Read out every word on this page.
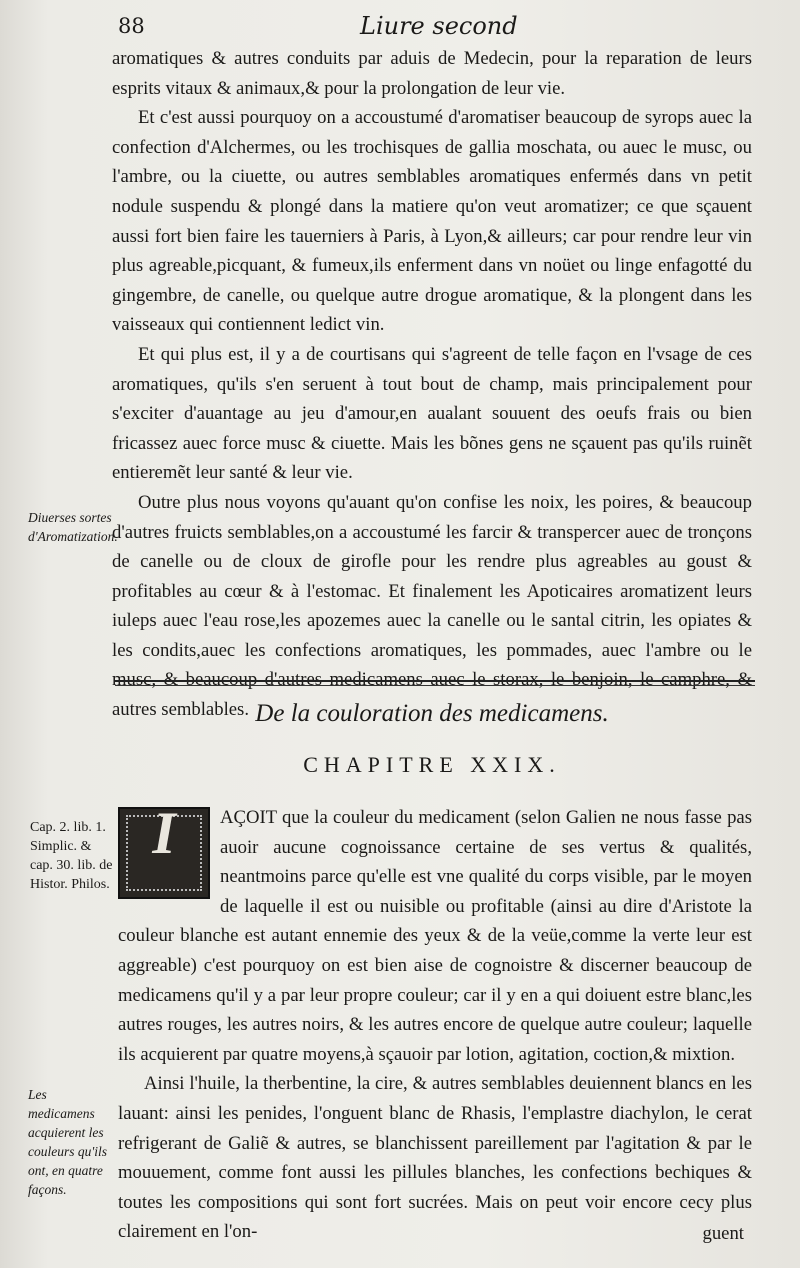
88	Liure second

aromatiques & autres conduits par aduis de Medecin, pour la reparation de leurs esprits vitaux & animaux,& pour la prolongation de leur vie.

Et c'est aussi pourquoy on a accoustumé d'aromatiser beaucoup de syrops auec la confection d'Alchermes, ou les trochisques de gallia moschata, ou auec le musc, ou l'ambre, ou la ciuette, ou autres semblables aromatiques enfermés dans vn petit nodule suspendu & plongé dans la matiere qu'on veut aromatizer; ce que sçauent aussi fort bien faire les tauerniers à Paris, à Lyon,& ailleurs; car pour rendre leur vin plus agreable,picquant, & fumeux,ils enferment dans vn noüet ou linge enfagotté du gingembre, de canelle, ou quelque autre drogue aromatique, & la plongent dans les vaisseaux qui contiennent ledict vin.

Et qui plus est, il y a de courtisans qui s'agreent de telle façon en l'vsage de ces aromatiques, qu'ils s'en seruent à tout bout de champ, mais principalement pour s'exciter d'auantage au jeu d'amour,en aualant souuent des oeufs frais ou bien fricassez auec force musc & ciuette. Mais les bõnes gens ne sçauent pas qu'ils ruinẽt entieremẽt leur santé & leur vie.

Outre plus nous voyons qu'auant qu'on confise les noix, les poires, & beaucoup d'autres fruicts semblables,on a accoustumé les farcir & transpercer auec de tronçons de canelle ou de cloux de girofle pour les rendre plus agreables au goust & profitables au cœur & à l'estomac. Et finalement les Apoticaires aromatizent leurs iuleps auec l'eau rose,les apozemes auec la canelle ou le santal citrin, les opiates & les condits,auec les confections aromatiques, les pommades, auec l'ambre ou le musc, & beaucoup d'autres medicamens auec le storax, le benjoin, le camphre, & autres semblables.

Diuerses sortes d'Aromatization.
De la couloration des medicamens.
CHAPITRE XXIX.
Cap. 2. lib. 1. Simplic. & cap. 30. lib. de Histor. Philos.
I	AÇOIT que la couleur du medicament (selon Galien ne nous fasse pas auoir aucune cognoissance certaine de ses vertus & qualités, neantmoins parce qu'elle est vne qualité du corps visible, par le moyen de laquelle il est ou nuisible ou profitable (ainsi au dire d'Aristote la couleur blanche est autant ennemie des yeux & de la veüe,comme la verte leur est aggreable) c'est pourquoy on est bien aise de cognoistre & discerner beaucoup de medicamens qu'il y a par leur propre couleur; car il y en a qui doiuent estre blanc,les autres rouges, les autres noirs, & les autres encore de quelque autre couleur; laquelle ils acquierent par quatre moyens,à sçauoir par lotion, agitation, coction,& mixtion.

Ainsi l'huile, la therbentine, la cire, & autres semblables deuiennent blancs en les lauant: ainsi les penides, l'onguent blanc de Rhasis, l'emplastre diachylon, le cerat refrigerant de Galiẽ & autres, se blanchissent pareillement par l'agitation & par le mouuement, comme font aussi les pillules blanches, les confections bechiques & toutes les compositions qui sont fort sucrées. Mais on peut voir encore cecy plus clairement en l'on-

Les medicamens acquierent les couleurs qu'ils ont, en quatre façons.
guent
